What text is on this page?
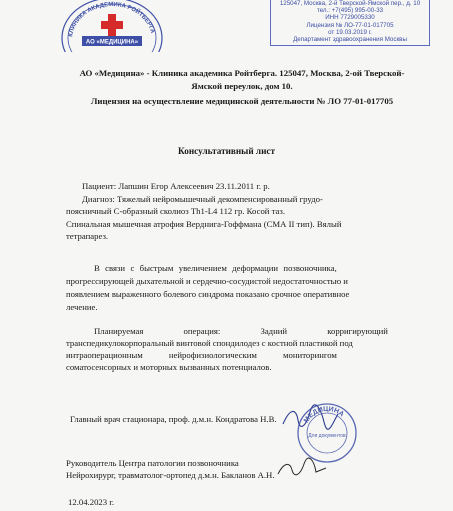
КЛИНИКА АКАДЕМИКА РОЙТБЕРГА
АО «МЕДИЦИНА»
125047, Москва, 2-й Тверской-Ямской пер., д. 10
тел.: +7(495) 995-00-33
ИНН 7729005330
Лицензия № ЛО-77-01-017705
от 19.03.2019 г.
Департамент здравоохранения Москвы
АО «Медицина» - Клиника академика Ройтберга. 125047, Москва, 2-ой Тверской-
Ямской переулок, дом 10.
Лицензия на осуществление медицинской деятельности № ЛО 77-01-017705
Консультативный лист
Пациент: Лапшин Егор Алексеевич 23.11.2011 г. р.
Диагноз: Тяжелый нейромышечный декомпенсированный грудо-
поясничный С-образный сколиоз Th1-L4 112 гр. Косой таз.
Спинальная мышечная атрофия Верднига-Гоффмана (СМА II тип). Вялый
тетрапарез.
В связи с быстрым увеличением деформации позвоночника,
прогрессирующей дыхательной и сердечно-сосудистой недостаточностью и
появлением выраженного болевого синдрома показано срочное оперативное
лечение.
Планируемая операция: Задний корригирующий
транспедикулокорпоральный винтовой спондилодез с костной пластикой под
интраоперационным нейрофизиологическим мониторингом
соматосенсорных и моторных вызванных потенциалов.
Главный врач стационара, проф. д.м.н. Кондратова Н.В.	МЕДИЦИНА
Для документов
Руководитель Центра патологии позвоночника
Нейрохирург, травматолог-ортопед д.м.н. Бакланов А.Н.
12.04.2023 г.
